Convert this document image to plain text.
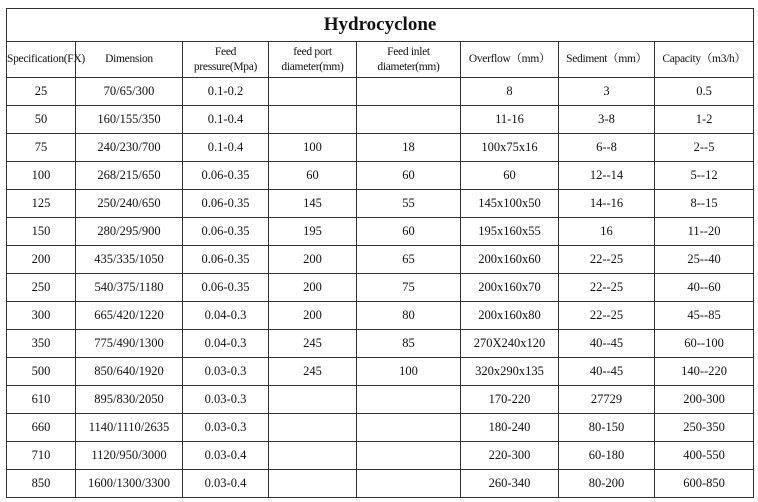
Hydrocyclone							
Specification(FX)	Dimension	Feed pressure(Mpa)	feed port diameter(mm)	Feed inlet diameter(mm)	Overflow（mm）	Sediment（mm）	Capacity（m3/h）
25	70/65/300	0.1-0.2			8	3	0.5
50	160/155/350	0.1-0.4			11-16	3-8	1-2
75	240/230/700	0.1-0.4	100	18	100x75x16	6--8	2--5
100	268/215/650	0.06-0.35	60	60	60	12--14	5--12
125	250/240/650	0.06-0.35	145	55	145x100x50	14--16	8--15
150	280/295/900	0.06-0.35	195	60	195x160x55	16	11--20
200	435/335/1050	0.06-0.35	200	65	200x160x60	22--25	25--40
250	540/375/1180	0.06-0.35	200	75	200x160x70	22--25	40--60
300	665/420/1220	0.04-0.3	200	80	200x160x80	22--25	45--85
350	775/490/1300	0.04-0.3	245	85	270X240x120	40--45	60--100
500	850/640/1920	0.03-0.3	245	100	320x290x135	40--45	140--220
610	895/830/2050	0.03-0.3			170-220	27729	200-300
660	1140/1110/2635	0.03-0.3			180-240	80-150	250-350
710	1120/950/3000	0.03-0.4			220-300	60-180	400-550
850	1600/1300/3300	0.03-0.4			260-340	80-200	600-850
